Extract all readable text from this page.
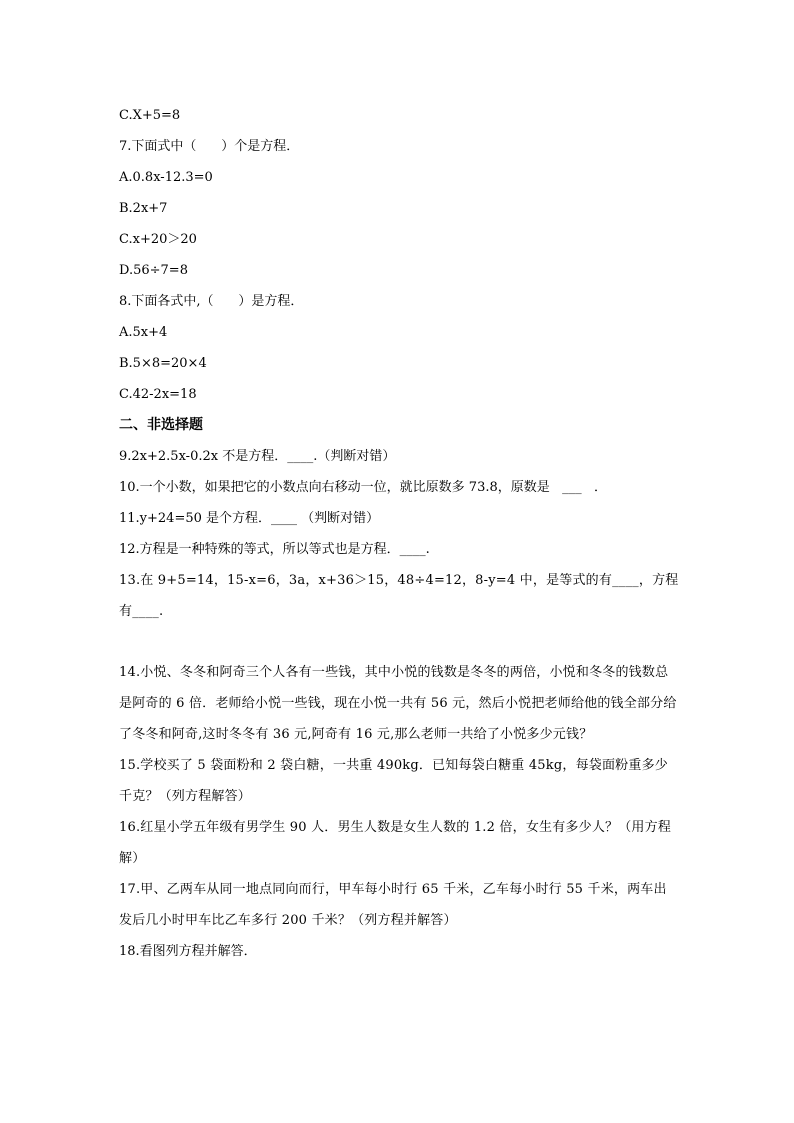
C.X+5=8
7.下面式中（      ）个是方程．
A.0.8x-12.3=0
B.2x+7
C.x+20＞20
D.56÷7=8
8.下面各式中,（      ）是方程．
A.5x+4
B.5×8=20×4
C.42-2x=18
二、非选择题
9.2x+2.5x-0.2x 不是方程．____.（判断对错）
10.一个小数，如果把它的小数点向右移动一位，就比原数多 73.8，原数是   ___   ．
11.y+24=50 是个方程．____ （判断对错）
12.方程是一种特殊的等式，所以等式也是方程．____.
13.在 9+5=14，15-x=6，3a，x+36＞15，48÷4=12，8-y=4 中，是等式的有____，方程有____.
14.小悦、冬冬和阿奇三个人各有一些钱，其中小悦的钱数是冬冬的两倍，小悦和冬冬的钱数总是阿奇的 6 倍．老师给小悦一些钱，现在小悦一共有 56 元，然后小悦把老师给他的钱全部分给了冬冬和阿奇,这时冬冬有 36 元,阿奇有 16 元,那么老师一共给了小悦多少元钱？
15.学校买了 5 袋面粉和 2 袋白糖，一共重 490kg．已知每袋白糖重 45kg，每袋面粉重多少千克？（列方程解答）
16.红星小学五年级有男学生 90 人．男生人数是女生人数的 1.2 倍，女生有多少人？（用方程解）
17.甲、乙两车从同一地点同向而行，甲车每小时行 65 千米，乙车每小时行 55 千米，两车出发后几小时甲车比乙车多行 200 千米？（列方程并解答）
18.看图列方程并解答．
